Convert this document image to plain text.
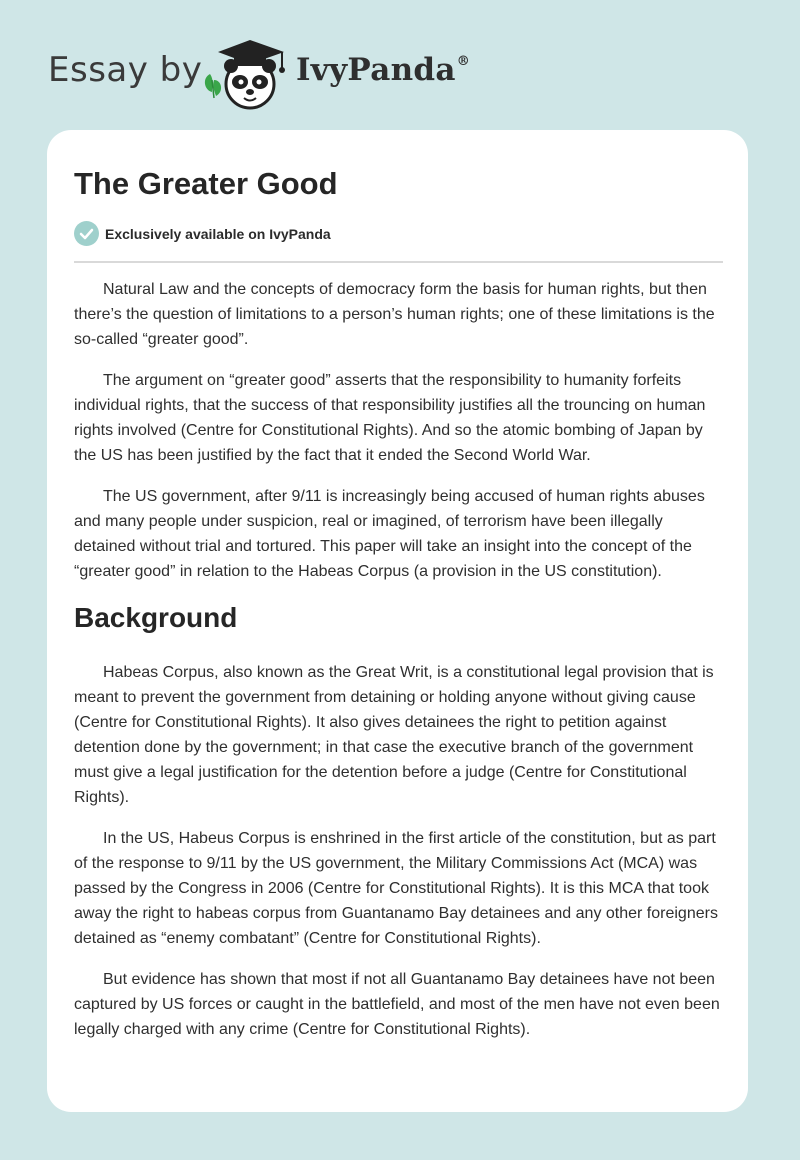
Essay by	IvyPanda®
The Greater Good
Exclusively available on IvyPanda

Natural Law and the concepts of democracy form the basis for human rights, but then there’s the question of limitations to a person’s human rights; one of these limitations is the so-called “greater good”.

The argument on “greater good” asserts that the responsibility to humanity forfeits individual rights, that the success of that responsibility justifies all the trouncing on human rights involved (Centre for Constitutional Rights). And so the atomic bombing of Japan by the US has been justified by the fact that it ended the Second World War.

The US government, after 9/11 is increasingly being accused of human rights abuses and many people under suspicion, real or imagined, of terrorism have been illegally detained without trial and tortured. This paper will take an insight into the concept of the “greater good” in relation to the Habeas Corpus (a provision in the US constitution).

Background

Habeas Corpus, also known as the Great Writ, is a constitutional legal provision that is meant to prevent the government from detaining or holding anyone without giving cause (Centre for Constitutional Rights). It also gives detainees the right to petition against detention done by the government; in that case the executive branch of the government must give a legal justification for the detention before a judge (Centre for Constitutional Rights).

In the US, Habeus Corpus is enshrined in the first article of the constitution, but as part of the response to 9/11 by the US government, the Military Commissions Act (MCA) was passed by the Congress in 2006 (Centre for Constitutional Rights). It is this MCA that took away the right to habeas corpus from Guantanamo Bay detainees and any other foreigners detained as “enemy combatant” (Centre for Constitutional Rights).

But evidence has shown that most if not all Guantanamo Bay detainees have not been captured by US forces or caught in the battlefield, and most of the men have not even been legally charged with any crime (Centre for Constitutional Rights).
